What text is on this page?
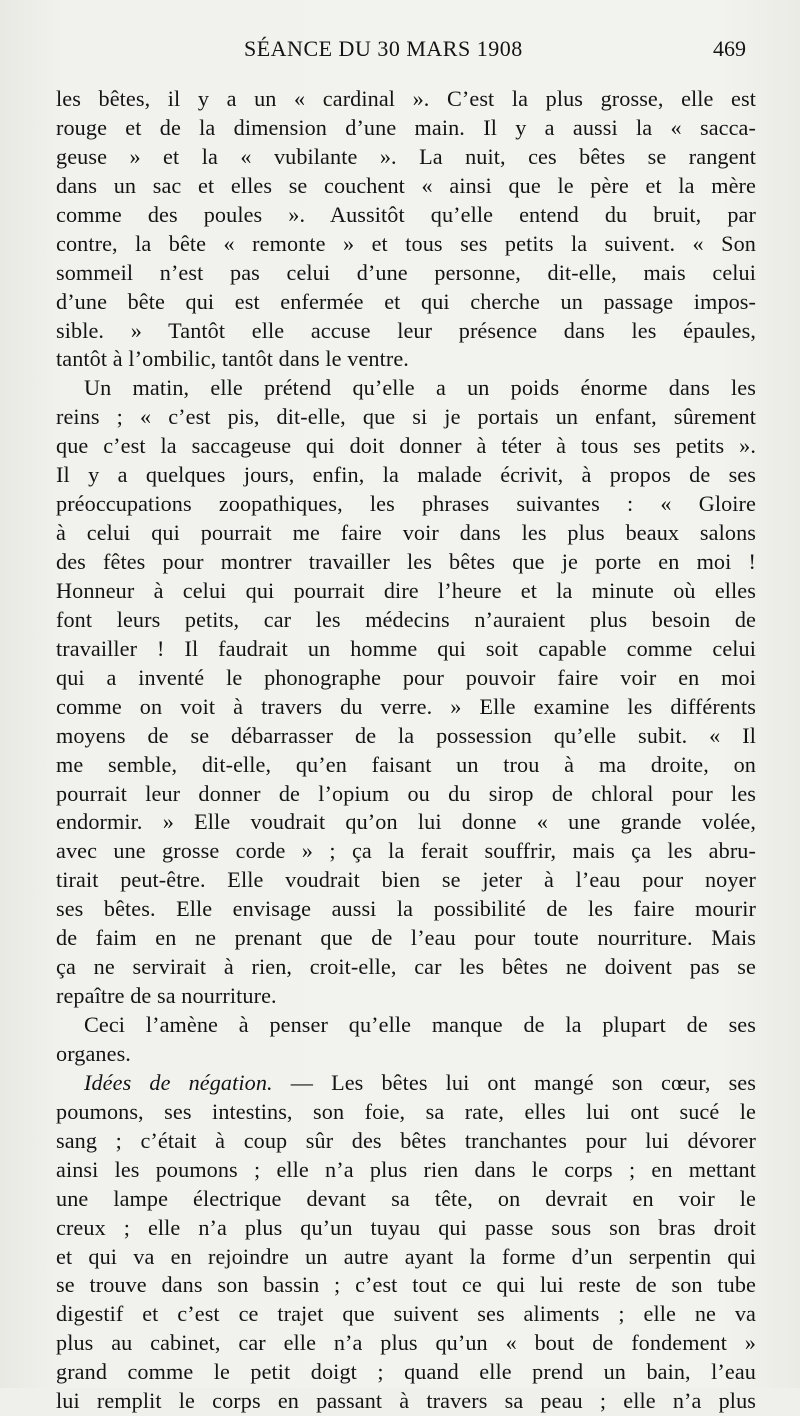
SÉANCE DU 30 MARS 1908	469
les bêtes, il y a un « cardinal ». C’est la plus grosse, elle est
rouge et de la dimension d’une main. Il y a aussi la « sacca-
geuse » et la « vubilante ». La nuit, ces bêtes se rangent
dans un sac et elles se couchent « ainsi que le père et la mère
comme des poules ». Aussitôt qu’elle entend du bruit, par
contre, la bête « remonte » et tous ses petits la suivent. « Son
sommeil n’est pas celui d’une personne, dit-elle, mais celui
d’une bête qui est enfermée et qui cherche un passage impos-
sible. » Tantôt elle accuse leur présence dans les épaules,
tantôt à l’ombilic, tantôt dans le ventre.
Un matin, elle prétend qu’elle a un poids énorme dans les
reins ; « c’est pis, dit-elle, que si je portais un enfant, sûrement
que c’est la saccageuse qui doit donner à téter à tous ses petits ».
Il y a quelques jours, enfin, la malade écrivit, à propos de ses
préoccupations zoopathiques, les phrases suivantes : « Gloire
à celui qui pourrait me faire voir dans les plus beaux salons
des fêtes pour montrer travailler les bêtes que je porte en moi !
Honneur à celui qui pourrait dire l’heure et la minute où elles
font leurs petits, car les médecins n’auraient plus besoin de
travailler ! Il faudrait un homme qui soit capable comme celui
qui a inventé le phonographe pour pouvoir faire voir en moi
comme on voit à travers du verre. » Elle examine les différents
moyens de se débarrasser de la possession qu’elle subit. « Il
me semble, dit-elle, qu’en faisant un trou à ma droite, on
pourrait leur donner de l’opium ou du sirop de chloral pour les
endormir. » Elle voudrait qu’on lui donne « une grande volée,
avec une grosse corde » ; ça la ferait souffrir, mais ça les abru-
tirait peut-être. Elle voudrait bien se jeter à l’eau pour noyer
ses bêtes. Elle envisage aussi la possibilité de les faire mourir
de faim en ne prenant que de l’eau pour toute nourriture. Mais
ça ne servirait à rien, croit-elle, car les bêtes ne doivent pas se
repaître de sa nourriture.
Ceci l’amène à penser qu’elle manque de la plupart de ses
organes.
Idées de négation. — Les bêtes lui ont mangé son cœur, ses
poumons, ses intestins, son foie, sa rate, elles lui ont sucé le
sang ; c’était à coup sûr des bêtes tranchantes pour lui dévorer
ainsi les poumons ; elle n’a plus rien dans le corps ; en mettant
une lampe électrique devant sa tête, on devrait en voir le
creux ; elle n’a plus qu’un tuyau qui passe sous son bras droit
et qui va en rejoindre un autre ayant la forme d’un serpentin qui
se trouve dans son bassin ; c’est tout ce qui lui reste de son tube
digestif et c’est ce trajet que suivent ses aliments ; elle ne va
plus au cabinet, car elle n’a plus qu’un « bout de fondement »
grand comme le petit doigt ; quand elle prend un bain, l’eau
lui remplit le corps en passant à travers sa peau ; elle n’a plus
